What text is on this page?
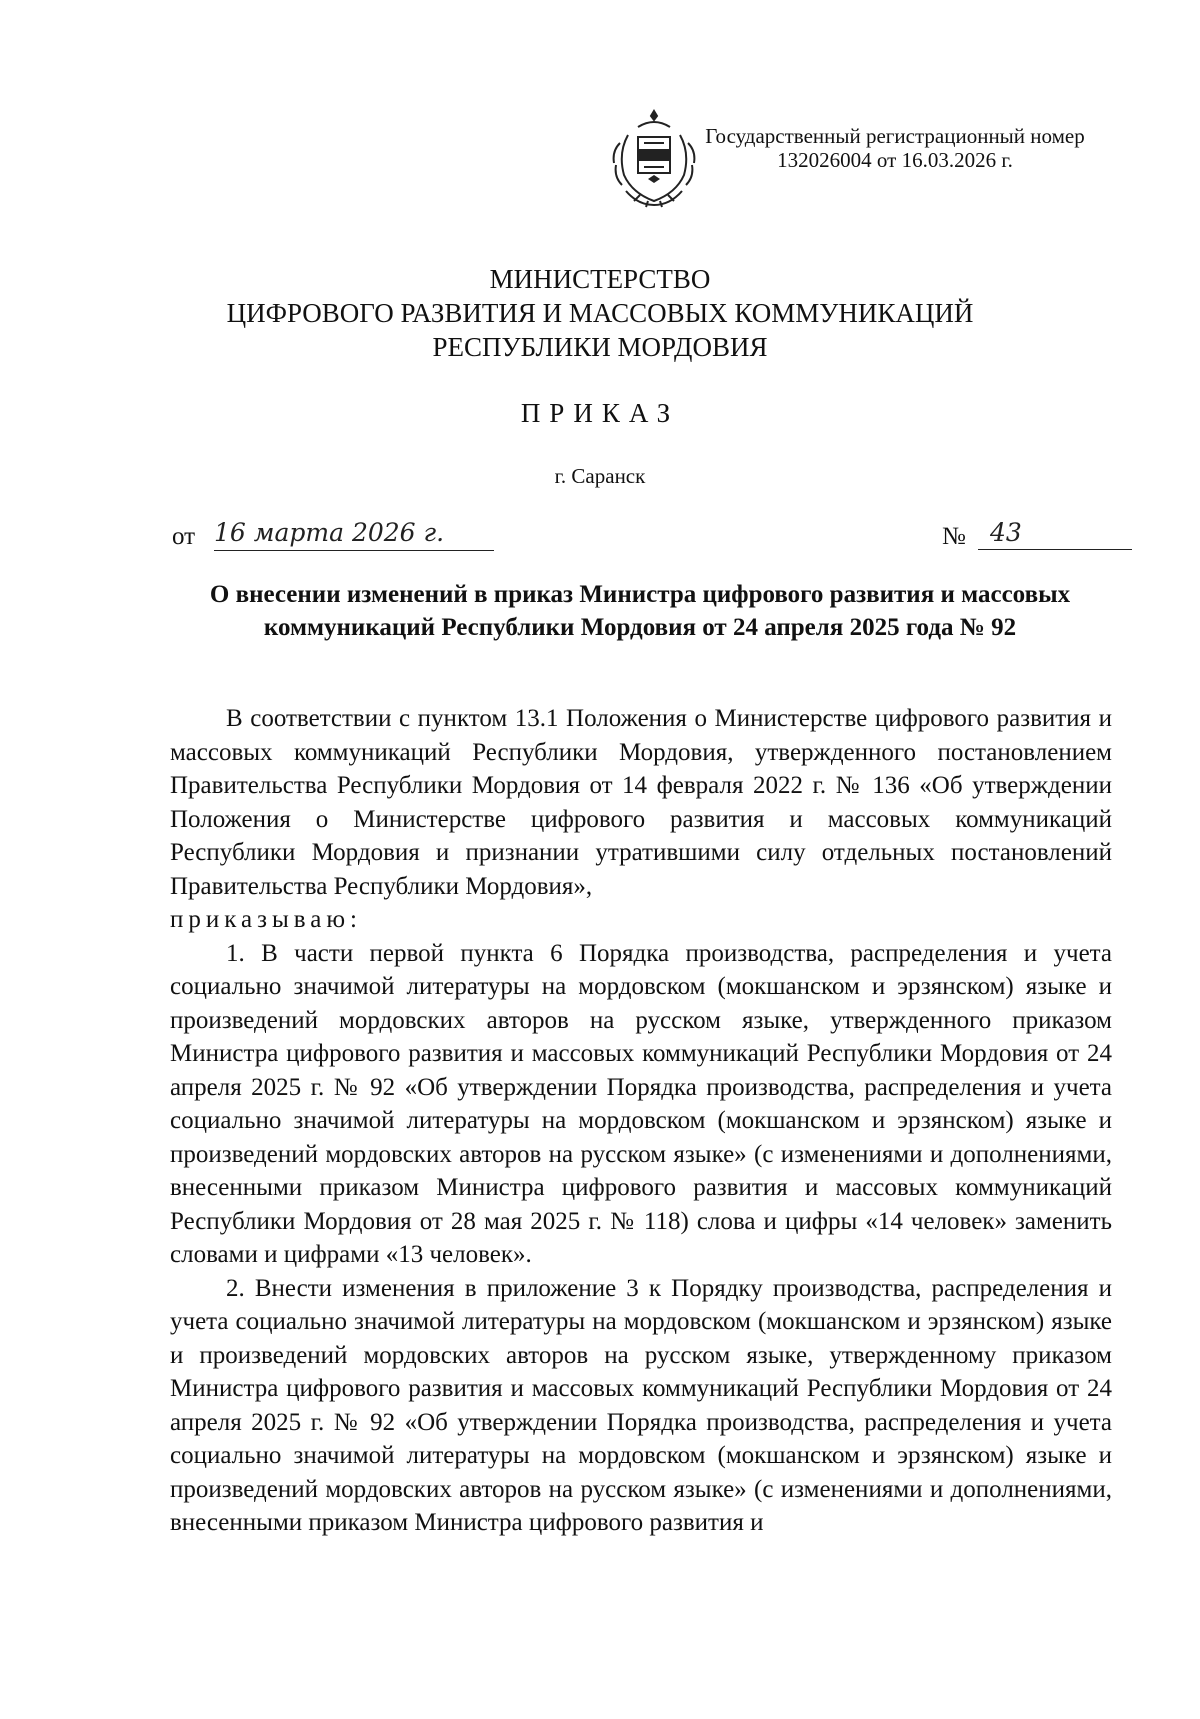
Государственный регистрационный номер
132026004 от 16.03.2026 г.
МИНИСТЕРСТВО
ЦИФРОВОГО РАЗВИТИЯ И МАССОВЫХ КОММУНИКАЦИЙ
РЕСПУБЛИКИ МОРДОВИЯ
ПРИКАЗ
г. Саранск
от 16 марта 2026 г.	№ 43
О внесении изменений в приказ Министра цифрового развития и массовых коммуникаций Республики Мордовия от 24 апреля 2025 года № 92

В соответствии с пунктом 13.1 Положения о Министерстве цифрового развития и массовых коммуникаций Республики Мордовия, утвержденного постановлением Правительства Республики Мордовия от 14 февраля 2022 г. № 136 «Об утверждении Положения о Министерстве цифрового развития и массовых коммуникаций Республики Мордовия и признании утратившими силу отдельных постановлений Правительства Республики Мордовия»,

приказываю:

1. В части первой пункта 6 Порядка производства, распределения и учета социально значимой литературы на мордовском (мокшанском и эрзянском) языке и произведений мордовских авторов на русском языке, утвержденного приказом Министра цифрового развития и массовых коммуникаций Республики Мордовия от 24 апреля 2025 г. № 92 «Об утверждении Порядка производства, распределения и учета социально значимой литературы на мордовском (мокшанском и эрзянском) языке и произведений мордовских авторов на русском языке» (с изменениями и дополнениями, внесенными приказом Министра цифрового развития и массовых коммуникаций Республики Мордовия от 28 мая 2025 г. № 118) слова и цифры «14 человек» заменить словами и цифрами «13 человек».

2. Внести изменения в приложение 3 к Порядку производства, распределения и учета социально значимой литературы на мордовском (мокшанском и эрзянском) языке и произведений мордовских авторов на русском языке, утвержденному приказом Министра цифрового развития и массовых коммуникаций Республики Мордовия от 24 апреля 2025 г. № 92 «Об утверждении Порядка производства, распределения и учета социально значимой литературы на мордовском (мокшанском и эрзянском) языке и произведений мордовских авторов на русском языке» (с изменениями и дополнениями, внесенными приказом Министра цифрового развития и
